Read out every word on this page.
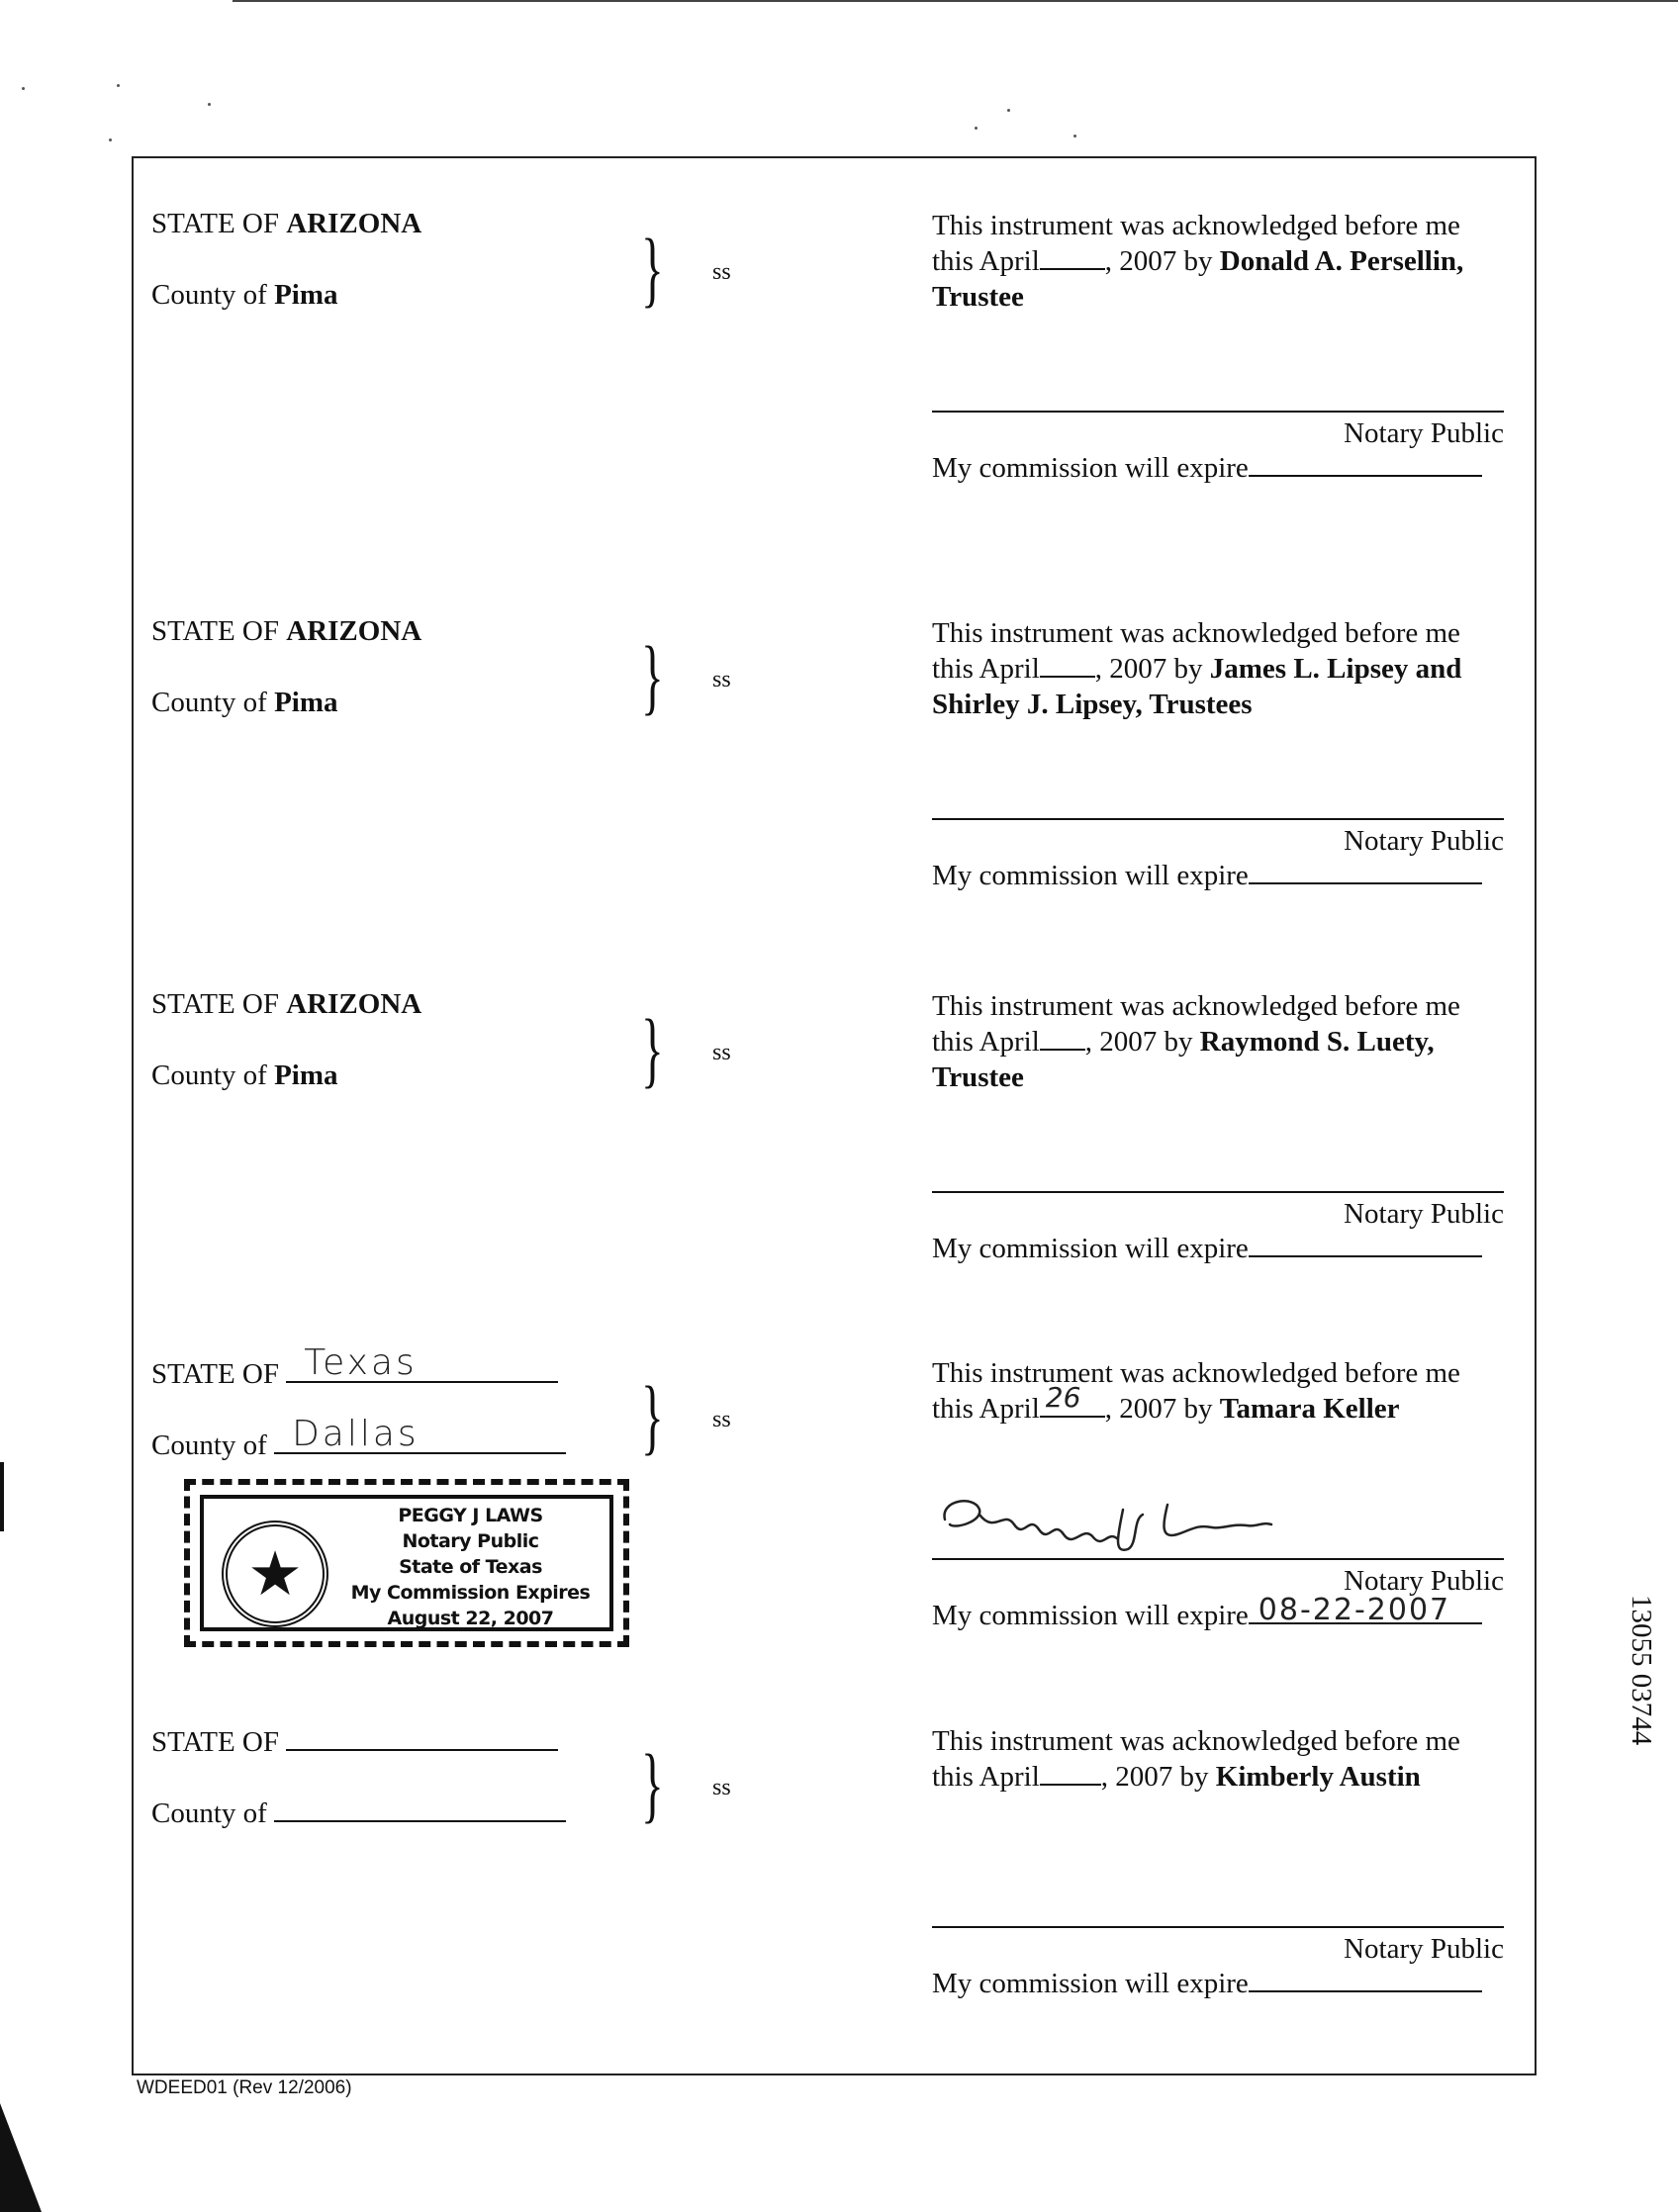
STATE OF ARIZONA
County of Pima	} ss
This instrument was acknowledged before me
this April , 2007 by Donald A. Persellin, Trustee
Notary Public
My commission will expire
STATE OF ARIZONA
County of Pima	} ss
This instrument was acknowledged before me
this April , 2007 by James L. Lipsey and Shirley J. Lipsey, Trustees
Notary Public
My commission will expire
STATE OF ARIZONA
County of Pima	} ss
This instrument was acknowledged before me
this April , 2007 by Raymond S. Luety, Trustee
Notary Public
My commission will expire
STATE OF Texas
County of Dallas	} ss
This instrument was acknowledged before me
this April 26 , 2007 by Tamara Keller
Notary Public
My commission will expire 08-22-2007
STATE OF
County of	} ss
This instrument was acknowledged before me
this April , 2007 by Kimberly Austin
Notary Public
My commission will expire
★
PEGGY J LAWS
Notary Public
State of Texas
My Commission Expires
August 22, 2007
WDEED01 (Rev 12/2006)
13055 03744
